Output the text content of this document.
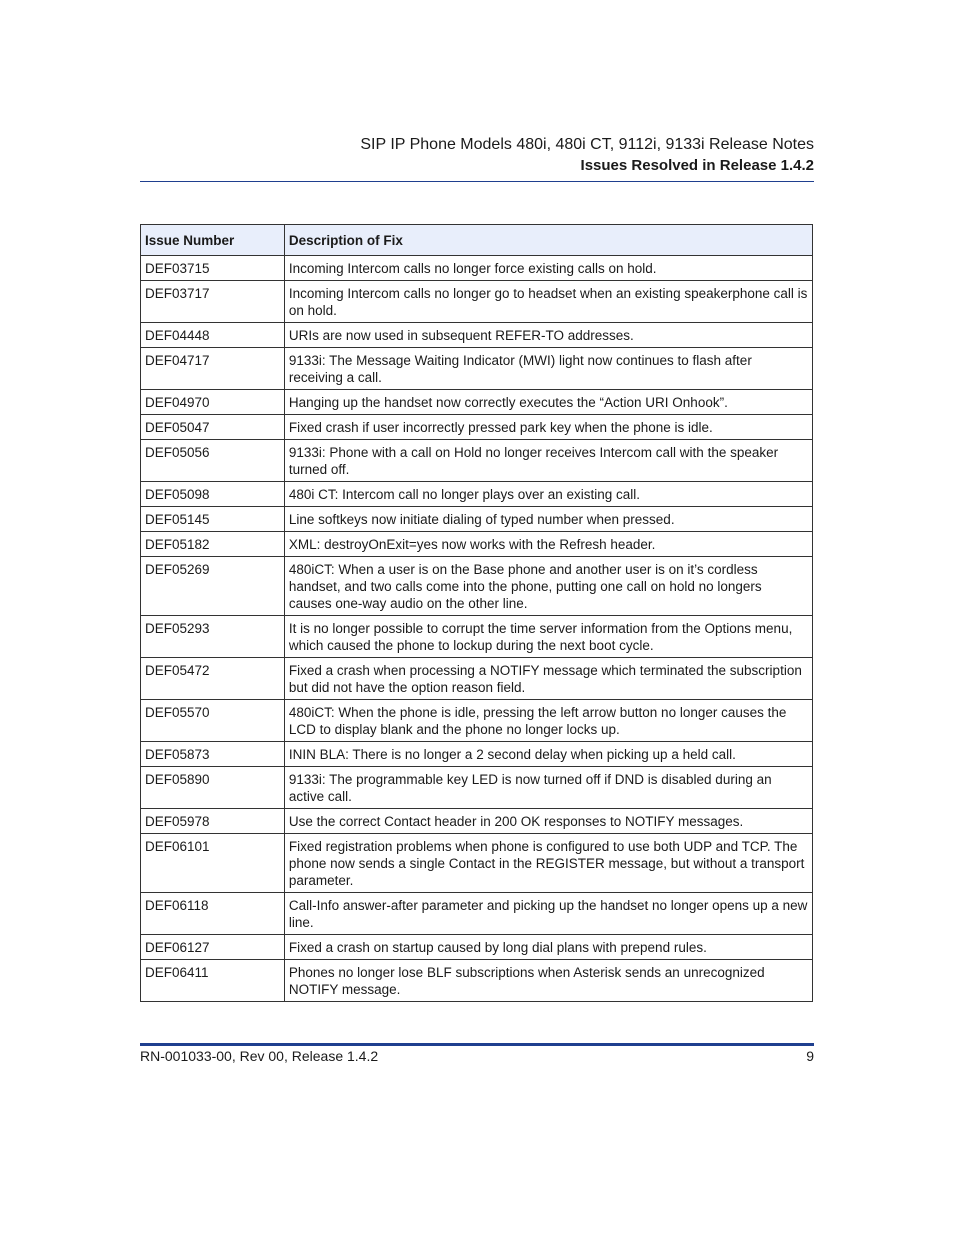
SIP IP Phone Models 480i, 480i CT, 9112i, 9133i Release Notes
Issues Resolved in Release 1.4.2
Issue Number	Description of Fix
DEF03715	Incoming Intercom calls no longer force existing calls on hold.
DEF03717	Incoming Intercom calls no longer go to headset when an existing speakerphone call is on hold.
DEF04448	URIs are now used in subsequent REFER-TO addresses.
DEF04717	9133i: The Message Waiting Indicator (MWI) light now continues to flash after receiving a call.
DEF04970	Hanging up the handset now correctly executes the “Action URI Onhook”.
DEF05047	Fixed crash if user incorrectly pressed park key when the phone is idle.
DEF05056	9133i: Phone with a call on Hold no longer receives Intercom call with the speaker turned off.
DEF05098	480i CT: Intercom call no longer plays over an existing call.
DEF05145	Line softkeys now initiate dialing of typed number when pressed.
DEF05182	XML: destroyOnExit=yes now works with the Refresh header.
DEF05269	480iCT: When a user is on the Base phone and another user is on it’s cordless handset, and two calls come into the phone, putting one call on hold no longers causes one-way audio on the other line.
DEF05293	It is no longer possible to corrupt the time server information from the Options menu, which caused the phone to lockup during the next boot cycle.
DEF05472	Fixed a crash when processing a NOTIFY message which terminated the subscription but did not have the option reason field.
DEF05570	480iCT: When the phone is idle, pressing the left arrow button no longer causes the LCD to display blank and the phone no longer locks up.
DEF05873	ININ BLA: There is no longer a 2 second delay when picking up a held call.
DEF05890	9133i: The programmable key LED is now turned off if DND is disabled during an active call.
DEF05978	Use the correct Contact header in 200 OK responses to NOTIFY messages.
DEF06101	Fixed registration problems when phone is configured to use both UDP and TCP. The phone now sends a single Contact in the REGISTER message, but without a transport parameter.
DEF06118	Call-Info answer-after parameter and picking up the handset no longer opens up a new line.
DEF06127	Fixed a crash on startup caused by long dial plans with prepend rules.
DEF06411	Phones no longer lose BLF subscriptions when Asterisk sends an unrecognized NOTIFY message.
RN-001033-00, Rev 00, Release 1.4.2	9
